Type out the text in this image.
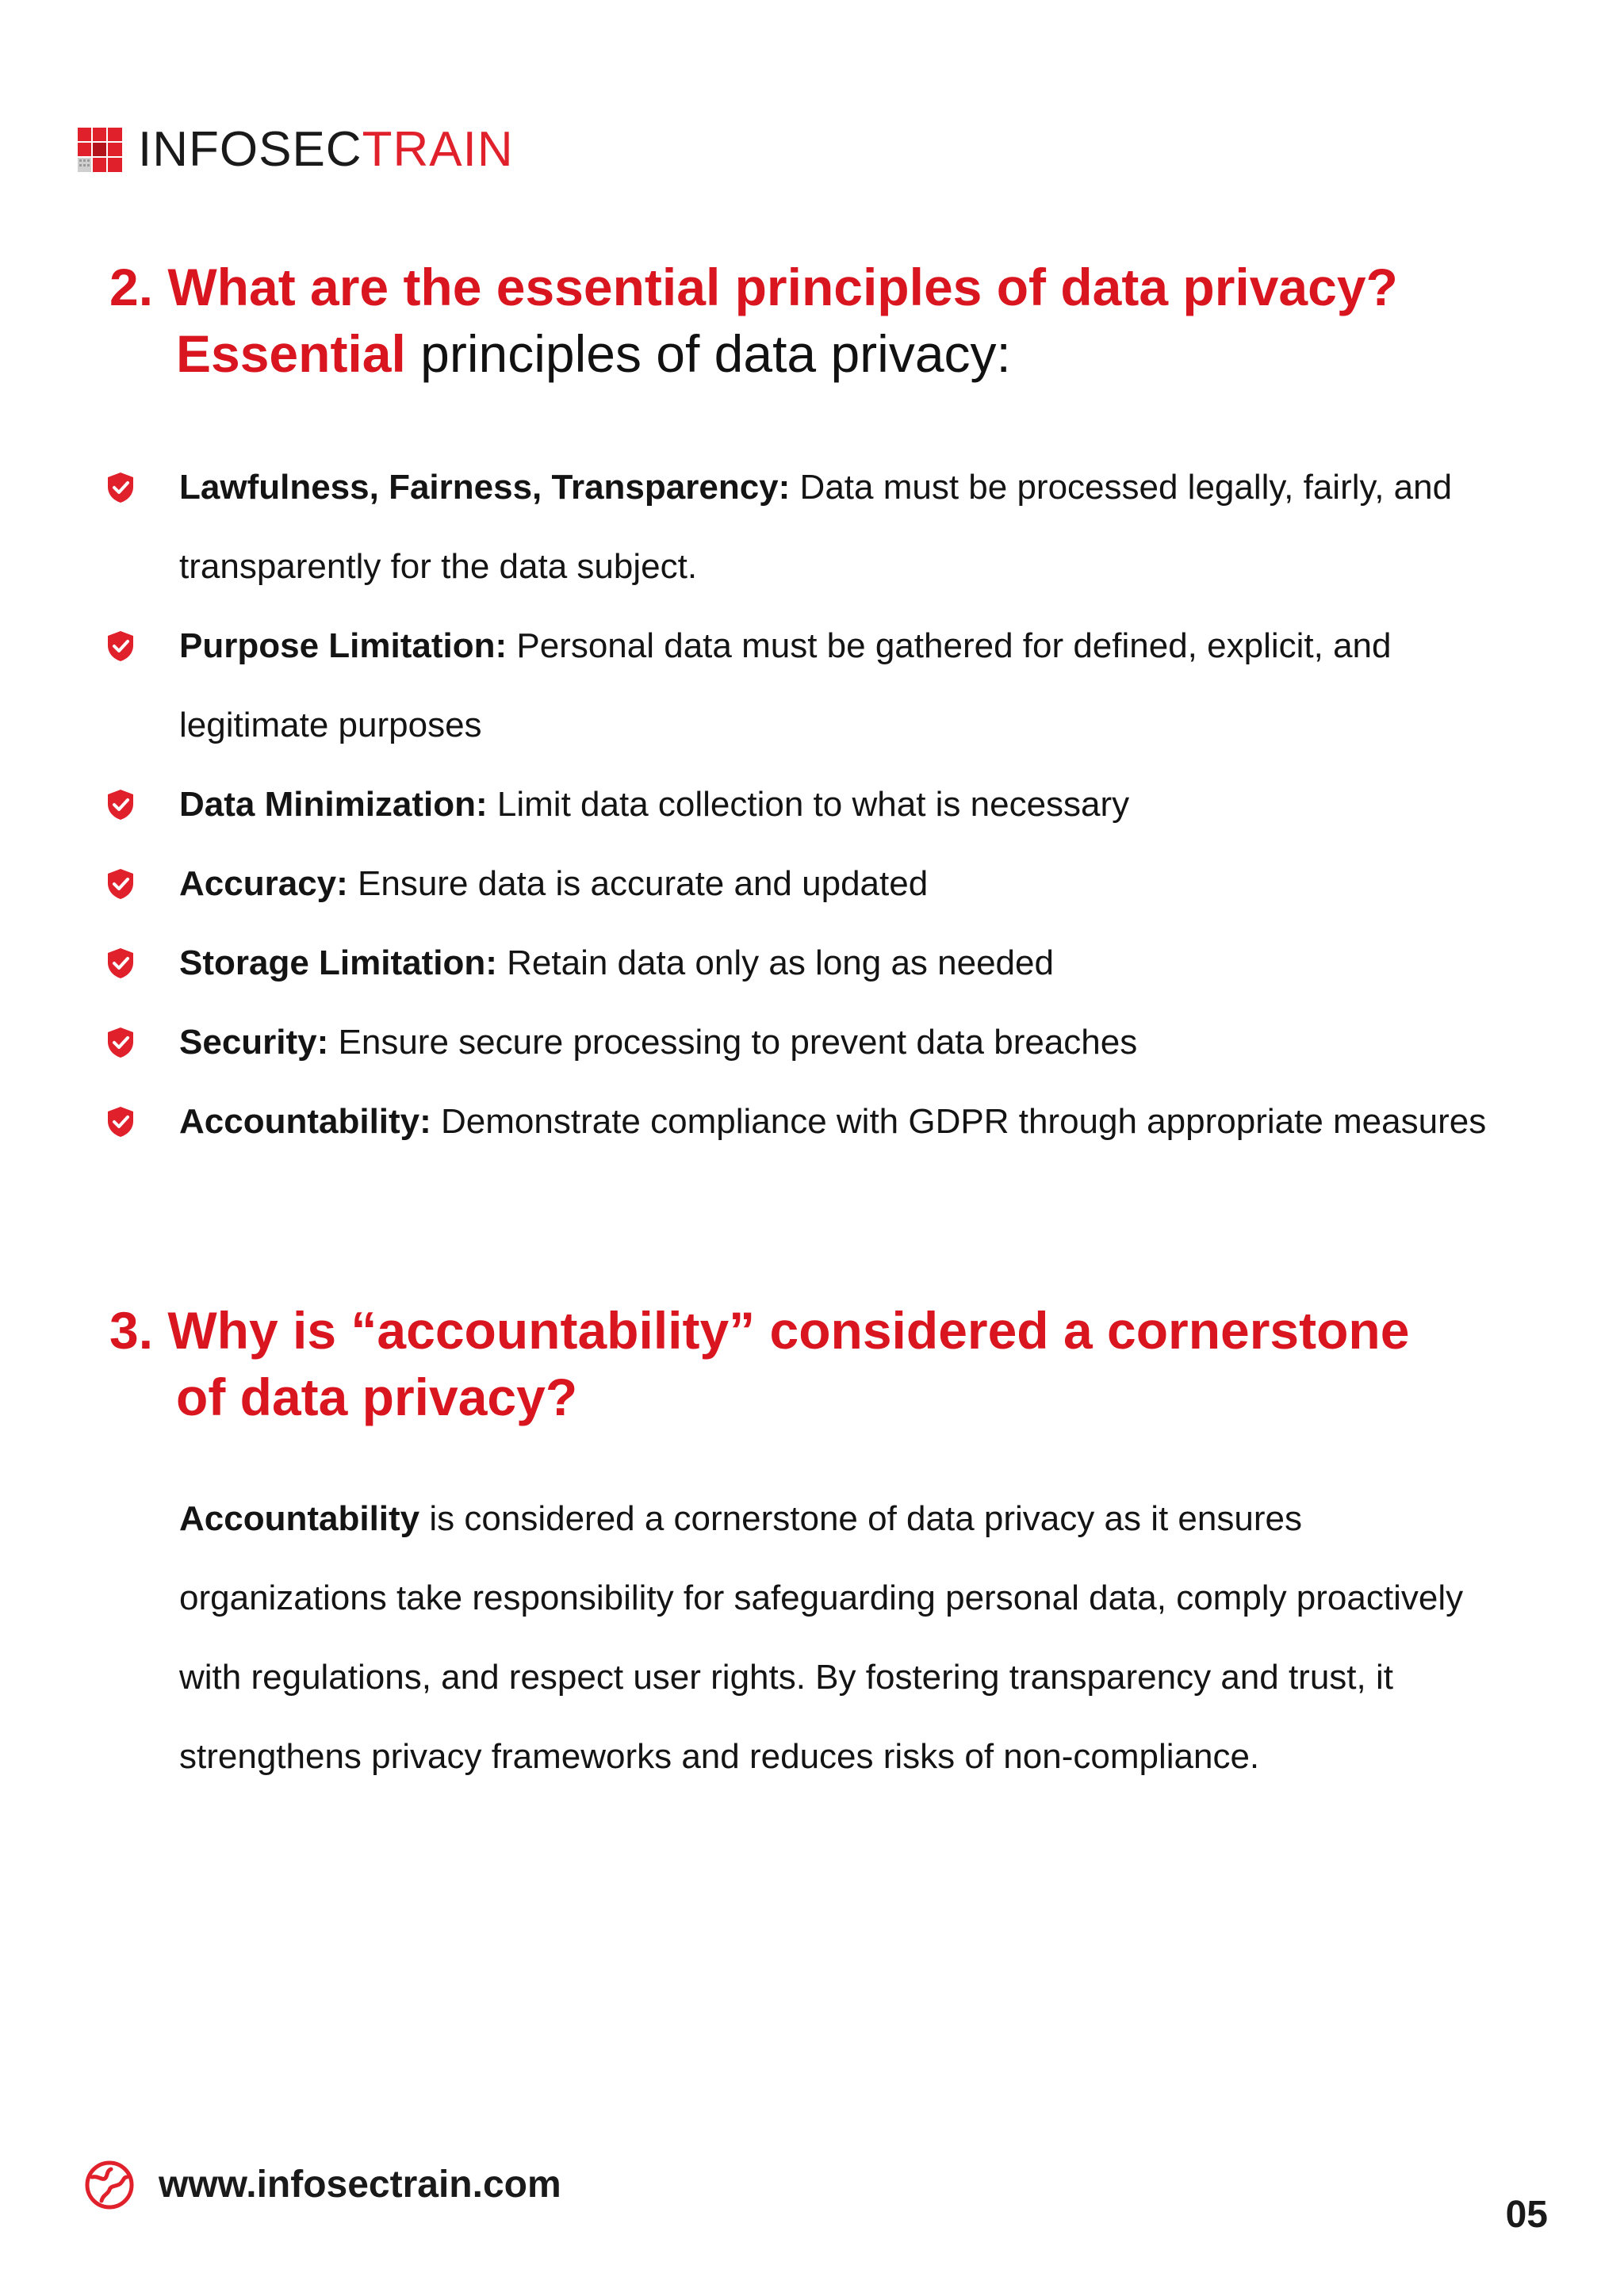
INFOSECTRAIN
2. What are the essential principles of data privacy?

Essential principles of data privacy:

Lawfulness, Fairness, Transparency: Data must be processed legally, fairly, and transparently for the data subject.
Purpose Limitation: Personal data must be gathered for defined, explicit, and legitimate purposes
Data Minimization: Limit data collection to what is necessary
Accuracy: Ensure data is accurate and updated
Storage Limitation: Retain data only as long as needed
Security: Ensure secure processing to prevent data breaches
Accountability: Demonstrate compliance with GDPR through appropriate measures
3. Why is “accountability” considered a cornerstone
of data privacy?

Accountability is considered a cornerstone of data privacy as it ensures organizations take responsibility for safeguarding personal data, comply proactively with regulations, and respect user rights. By fostering transparency and trust, it strengthens privacy frameworks and reduces risks of non-compliance.

www.infosectrain.com
05
